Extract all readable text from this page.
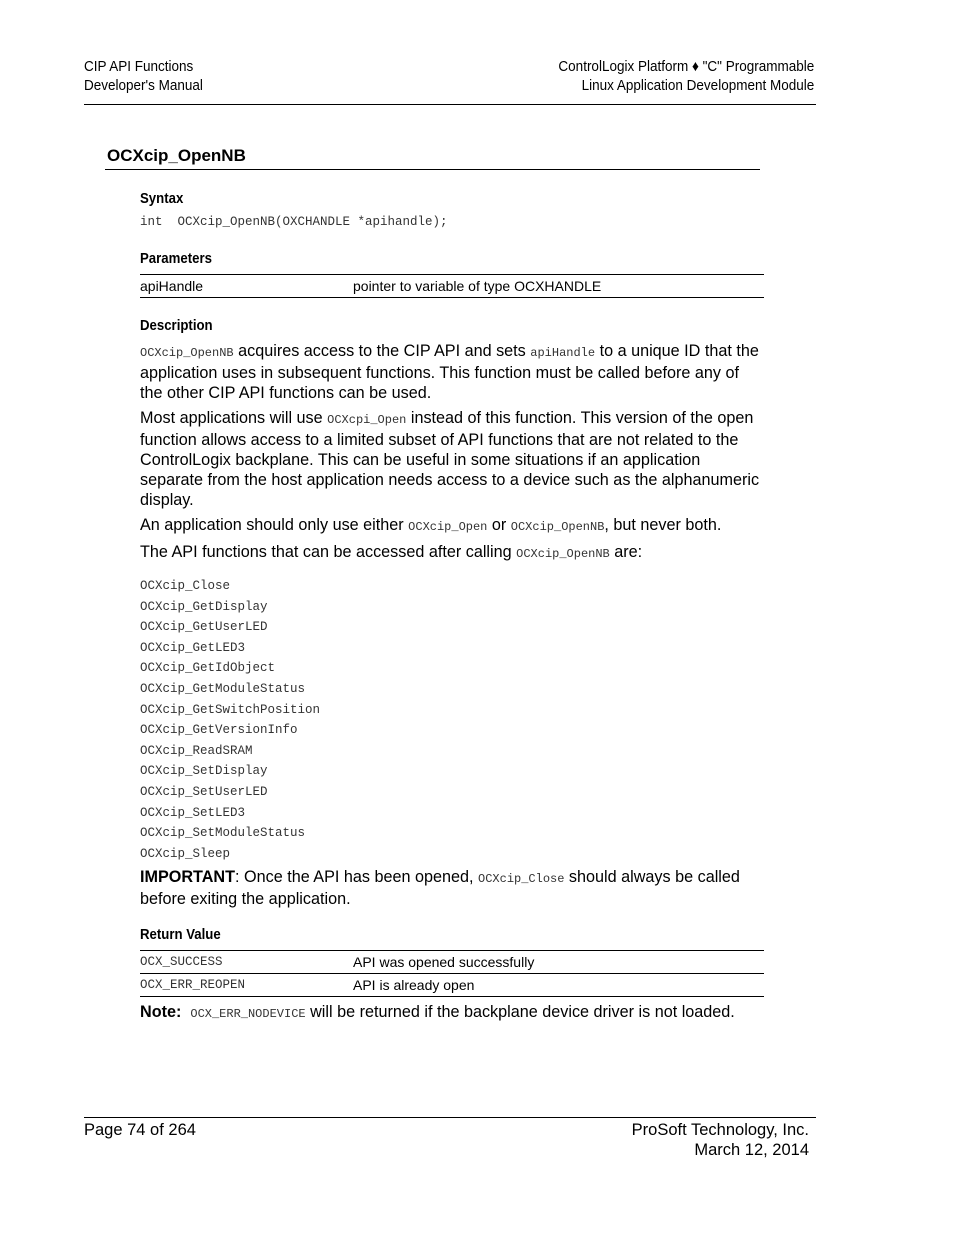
CIP API Functions
Developer's Manual
ControlLogix Platform ♦ "C" Programmable
Linux Application Development Module
OCXcip_OpenNB
Syntax
int  OCXcip_OpenNB(OXCHANDLE *apihandle);
Parameters
apiHandle	pointer to variable of type OCXHANDLE
Description

OCXcip_OpenNB acquires access to the CIP API and sets apiHandle to a unique ID that the application uses in subsequent functions. This function must be called before any of the other CIP API functions can be used.

Most applications will use OCXcpi_Open instead of this function. This version of the open function allows access to a limited subset of API functions that are not related to the ControlLogix backplane. This can be useful in some situations if an application separate from the host application needs access to a device such as the alphanumeric display.

An application should only use either OCXcip_Open or OCXcip_OpenNB, but never both.

The API functions that can be accessed after calling OCXcip_OpenNB are:

OCXcip_Close
OCXcip_GetDisplay
OCXcip_GetUserLED
OCXcip_GetLED3
OCXcip_GetIdObject
OCXcip_GetModuleStatus
OCXcip_GetSwitchPosition
OCXcip_GetVersionInfo
OCXcip_ReadSRAM
OCXcip_SetDisplay
OCXcip_SetUserLED
OCXcip_SetLED3
OCXcip_SetModuleStatus
OCXcip_Sleep

IMPORTANT: Once the API has been opened, OCXcip_Close should always be called before exiting the application.

Return Value
OCX_SUCCESS	API was opened successfully
OCX_ERR_REOPEN	API is already open

Note: OCX_ERR_NODEVICE will be returned if the backplane device driver is not loaded.

Page 74 of 264	ProSoft Technology, Inc.
March 12, 2014
